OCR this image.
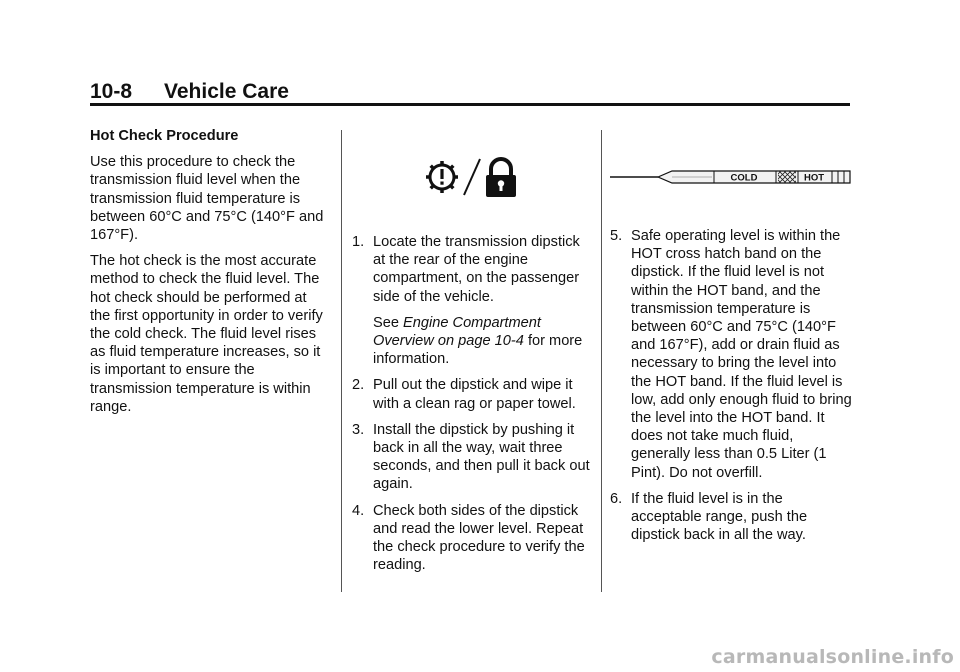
10-8 Vehicle Care
Hot Check Procedure

Use this procedure to check the transmission fluid level when the transmission fluid temperature is between 60°C and 75°C (140°F and 167°F).

The hot check is the most accurate method to check the fluid level. The hot check should be performed at the first opportunity in order to verify the cold check. The fluid level rises as fluid temperature increases, so it is important to ensure the transmission temperature is within range.

1. Locate the transmission dipstick at the rear of the engine compartment, on the passenger side of the vehicle.

See Engine Compartment Overview on page 10-4 for more information.

2. Pull out the dipstick and wipe it with a clean rag or paper towel.

3. Install the dipstick by pushing it back in all the way, wait three seconds, and then pull it back out again.

4. Check both sides of the dipstick and read the lower level. Repeat the check procedure to verify the reading.

COLD	HOT
5. Safe operating level is within the HOT cross hatch band on the dipstick. If the fluid level is not within the HOT band, and the transmission temperature is between 60°C and 75°C (140°F and 167°F), add or drain fluid as necessary to bring the level into the HOT band. If the fluid level is low, add only enough fluid to bring the level into the HOT band. It does not take much fluid, generally less than 0.5 Liter (1 Pint). Do not overfill.

6. If the fluid level is in the acceptable range, push the dipstick back in all the way.

carmanualsonline.info
